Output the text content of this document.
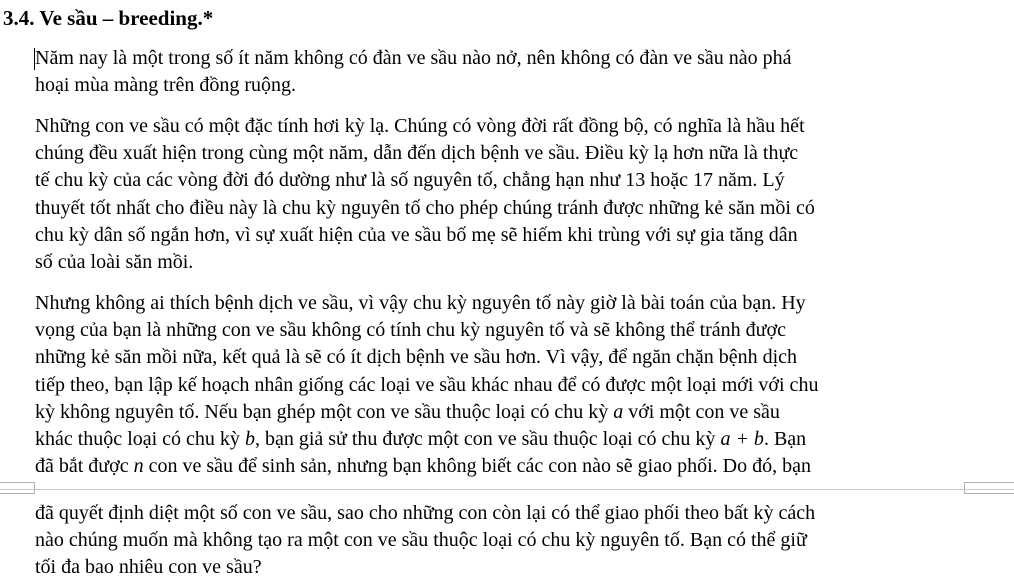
3.4. Ve sầu – breeding.*

Năm nay là một trong số ít năm không có đàn ve sầu nào nở, nên không có đàn ve sầu nào phá
hoại mùa màng trên đồng ruộng.

Những con ve sầu có một đặc tính hơi kỳ lạ. Chúng có vòng đời rất đồng bộ, có nghĩa là hầu hết
chúng đều xuất hiện trong cùng một năm, dẫn đến dịch bệnh ve sầu. Điều kỳ lạ hơn nữa là thực
tế chu kỳ của các vòng đời đó dường như là số nguyên tố, chẳng hạn như 13 hoặc 17 năm. Lý
thuyết tốt nhất cho điều này là chu kỳ nguyên tố cho phép chúng tránh được những kẻ săn mồi có
chu kỳ dân số ngắn hơn, vì sự xuất hiện của ve sầu bố mẹ sẽ hiếm khi trùng với sự gia tăng dân
số của loài săn mồi.

Nhưng không ai thích bệnh dịch ve sầu, vì vậy chu kỳ nguyên tố này giờ là bài toán của bạn. Hy
vọng của bạn là những con ve sầu không có tính chu kỳ nguyên tố và sẽ không thể tránh được
những kẻ săn mồi nữa, kết quả là sẽ có ít dịch bệnh ve sầu hơn. Vì vậy, để ngăn chặn bệnh dịch
tiếp theo, bạn lập kế hoạch nhân giống các loại ve sầu khác nhau để có được một loại mới với chu
kỳ không nguyên tố. Nếu bạn ghép một con ve sầu thuộc loại có chu kỳ a với một con ve sầu
khác thuộc loại có chu kỳ b, bạn giả sử thu được một con ve sầu thuộc loại có chu kỳ a + b. Bạn
đã bắt được n con ve sầu để sinh sản, nhưng bạn không biết các con nào sẽ giao phối. Do đó, bạn

đã quyết định diệt một số con ve sầu, sao cho những con còn lại có thể giao phối theo bất kỳ cách
nào chúng muốn mà không tạo ra một con ve sầu thuộc loại có chu kỳ nguyên tố. Bạn có thể giữ
tối đa bao nhiêu con ve sầu?
